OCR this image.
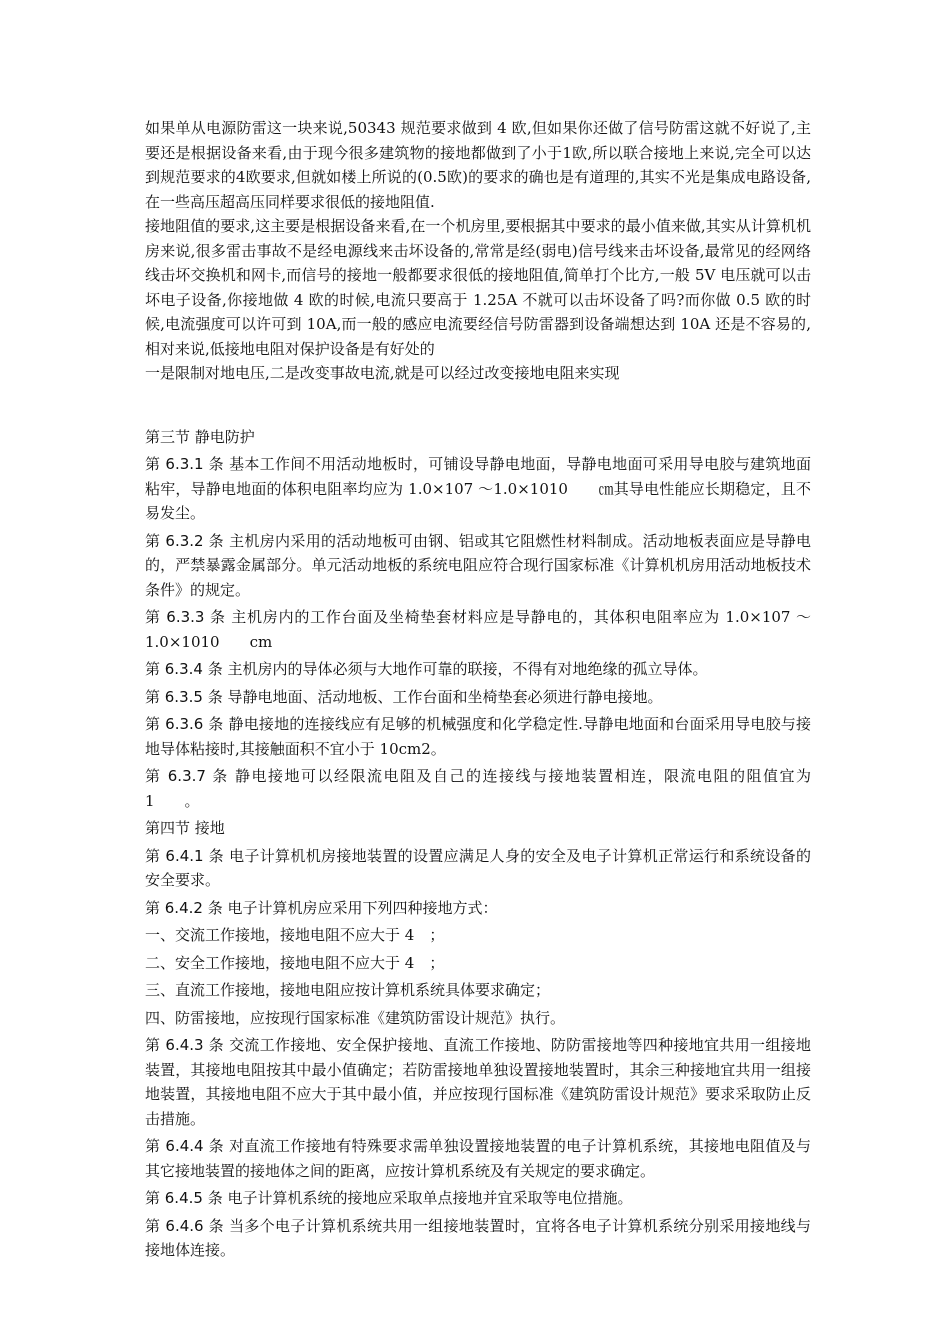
如果单从电源防雷这一块来说,50343 规范要求做到 4 欧,但如果你还做了信号防雷这就不好说了,主要还是根据设备来看,由于现今很多建筑物的接地都做到了小于1欧,所以联合接地上来说,完全可以达到规范要求的4欧要求,但就如楼上所说的(0.5欧)的要求的确也是有道理的,其实不光是集成电路设备,在一些高压超高压同样要求很低的接地阻值.

接地阻值的要求,这主要是根据设备来看,在一个机房里,要根据其中要求的最小值来做,其实从计算机机房来说,很多雷击事故不是经电源线来击坏设备的,常常是经(弱电)信号线来击坏设备,最常见的经网络线击坏交换机和网卡,而信号的接地一般都要求很低的接地阻值,简单打个比方,一般 5V 电压就可以击坏电子设备,你接地做 4 欧的时候,电流只要高于 1.25A 不就可以击坏设备了吗?而你做 0.5 欧的时候,电流强度可以许可到 10A,而一般的感应电流要经信号防雷器到设备端想达到 10A 还是不容易的,相对来说,低接地电阻对保护设备是有好处的

一是限制对地电压,二是改变事故电流,就是可以经过改变接地电阻来实现

第三节 静电防护

第 6.3.1 条 基本工作间不用活动地板时，可铺设导静电地面，导静电地面可采用导电胶与建筑地面粘牢，导静电地面的体积电阻率均应为 1.0×107 ～1.0×1010　　㎝其导电性能应长期稳定，且不易发尘。

第 6.3.2 条 主机房内采用的活动地板可由钢、铝或其它阻燃性材料制成。活动地板表面应是导静电的，严禁暴露金属部分。单元活动地板的系统电阻应符合现行国家标准《计算机机房用活动地板技术条件》的规定。

第 6.3.3 条 主机房内的工作台面及坐椅垫套材料应是导静电的，其体积电阻率应为 1.0×107 ～1.0×1010　　cm

第 6.3.4 条 主机房内的导体必须与大地作可靠的联接，不得有对地绝缘的孤立导体。

第 6.3.5 条 导静电地面、活动地板、工作台面和坐椅垫套必须进行静电接地。

第 6.3.6 条 静电接地的连接线应有足够的机械强度和化学稳定性.导静电地面和台面采用导电胶与接地导体粘接时,其接触面积不宜小于 10cm2。

第 6.3.7 条 静电接地可以经限流电阻及自己的连接线与接地装置相连，限流电阻的阻值宜为 1　　。

第四节 接地

第 6.4.1 条 电子计算机机房接地装置的设置应满足人身的安全及电子计算机正常运行和系统设备的安全要求。

第 6.4.2 条 电子计算机房应采用下列四种接地方式：

一、交流工作接地，接地电阻不应大于 4　；

二、安全工作接地，接地电阻不应大于 4　；

三、直流工作接地，接地电阻应按计算机系统具体要求确定；

四、防雷接地，应按现行国家标准《建筑防雷设计规范》执行。

第 6.4.3 条 交流工作接地、安全保护接地、直流工作接地、防防雷接地等四种接地宜共用一组接地装置，其接地电阻按其中最小值确定；若防雷接地单独设置接地装置时，其余三种接地宜共用一组接地装置，其接地电阻不应大于其中最小值，并应按现行国标准《建筑防雷设计规范》要求采取防止反击措施。

第 6.4.4 条 对直流工作接地有特殊要求需单独设置接地装置的电子计算机系统，其接地电阻值及与其它接地装置的接地体之间的距离，应按计算机系统及有关规定的要求确定。

第 6.4.5 条 电子计算机系统的接地应采取单点接地并宜采取等电位措施。

第 6.4.6 条 当多个电子计算机系统共用一组接地装置时，宜将各电子计算机系统分别采用接地线与接地体连接。
